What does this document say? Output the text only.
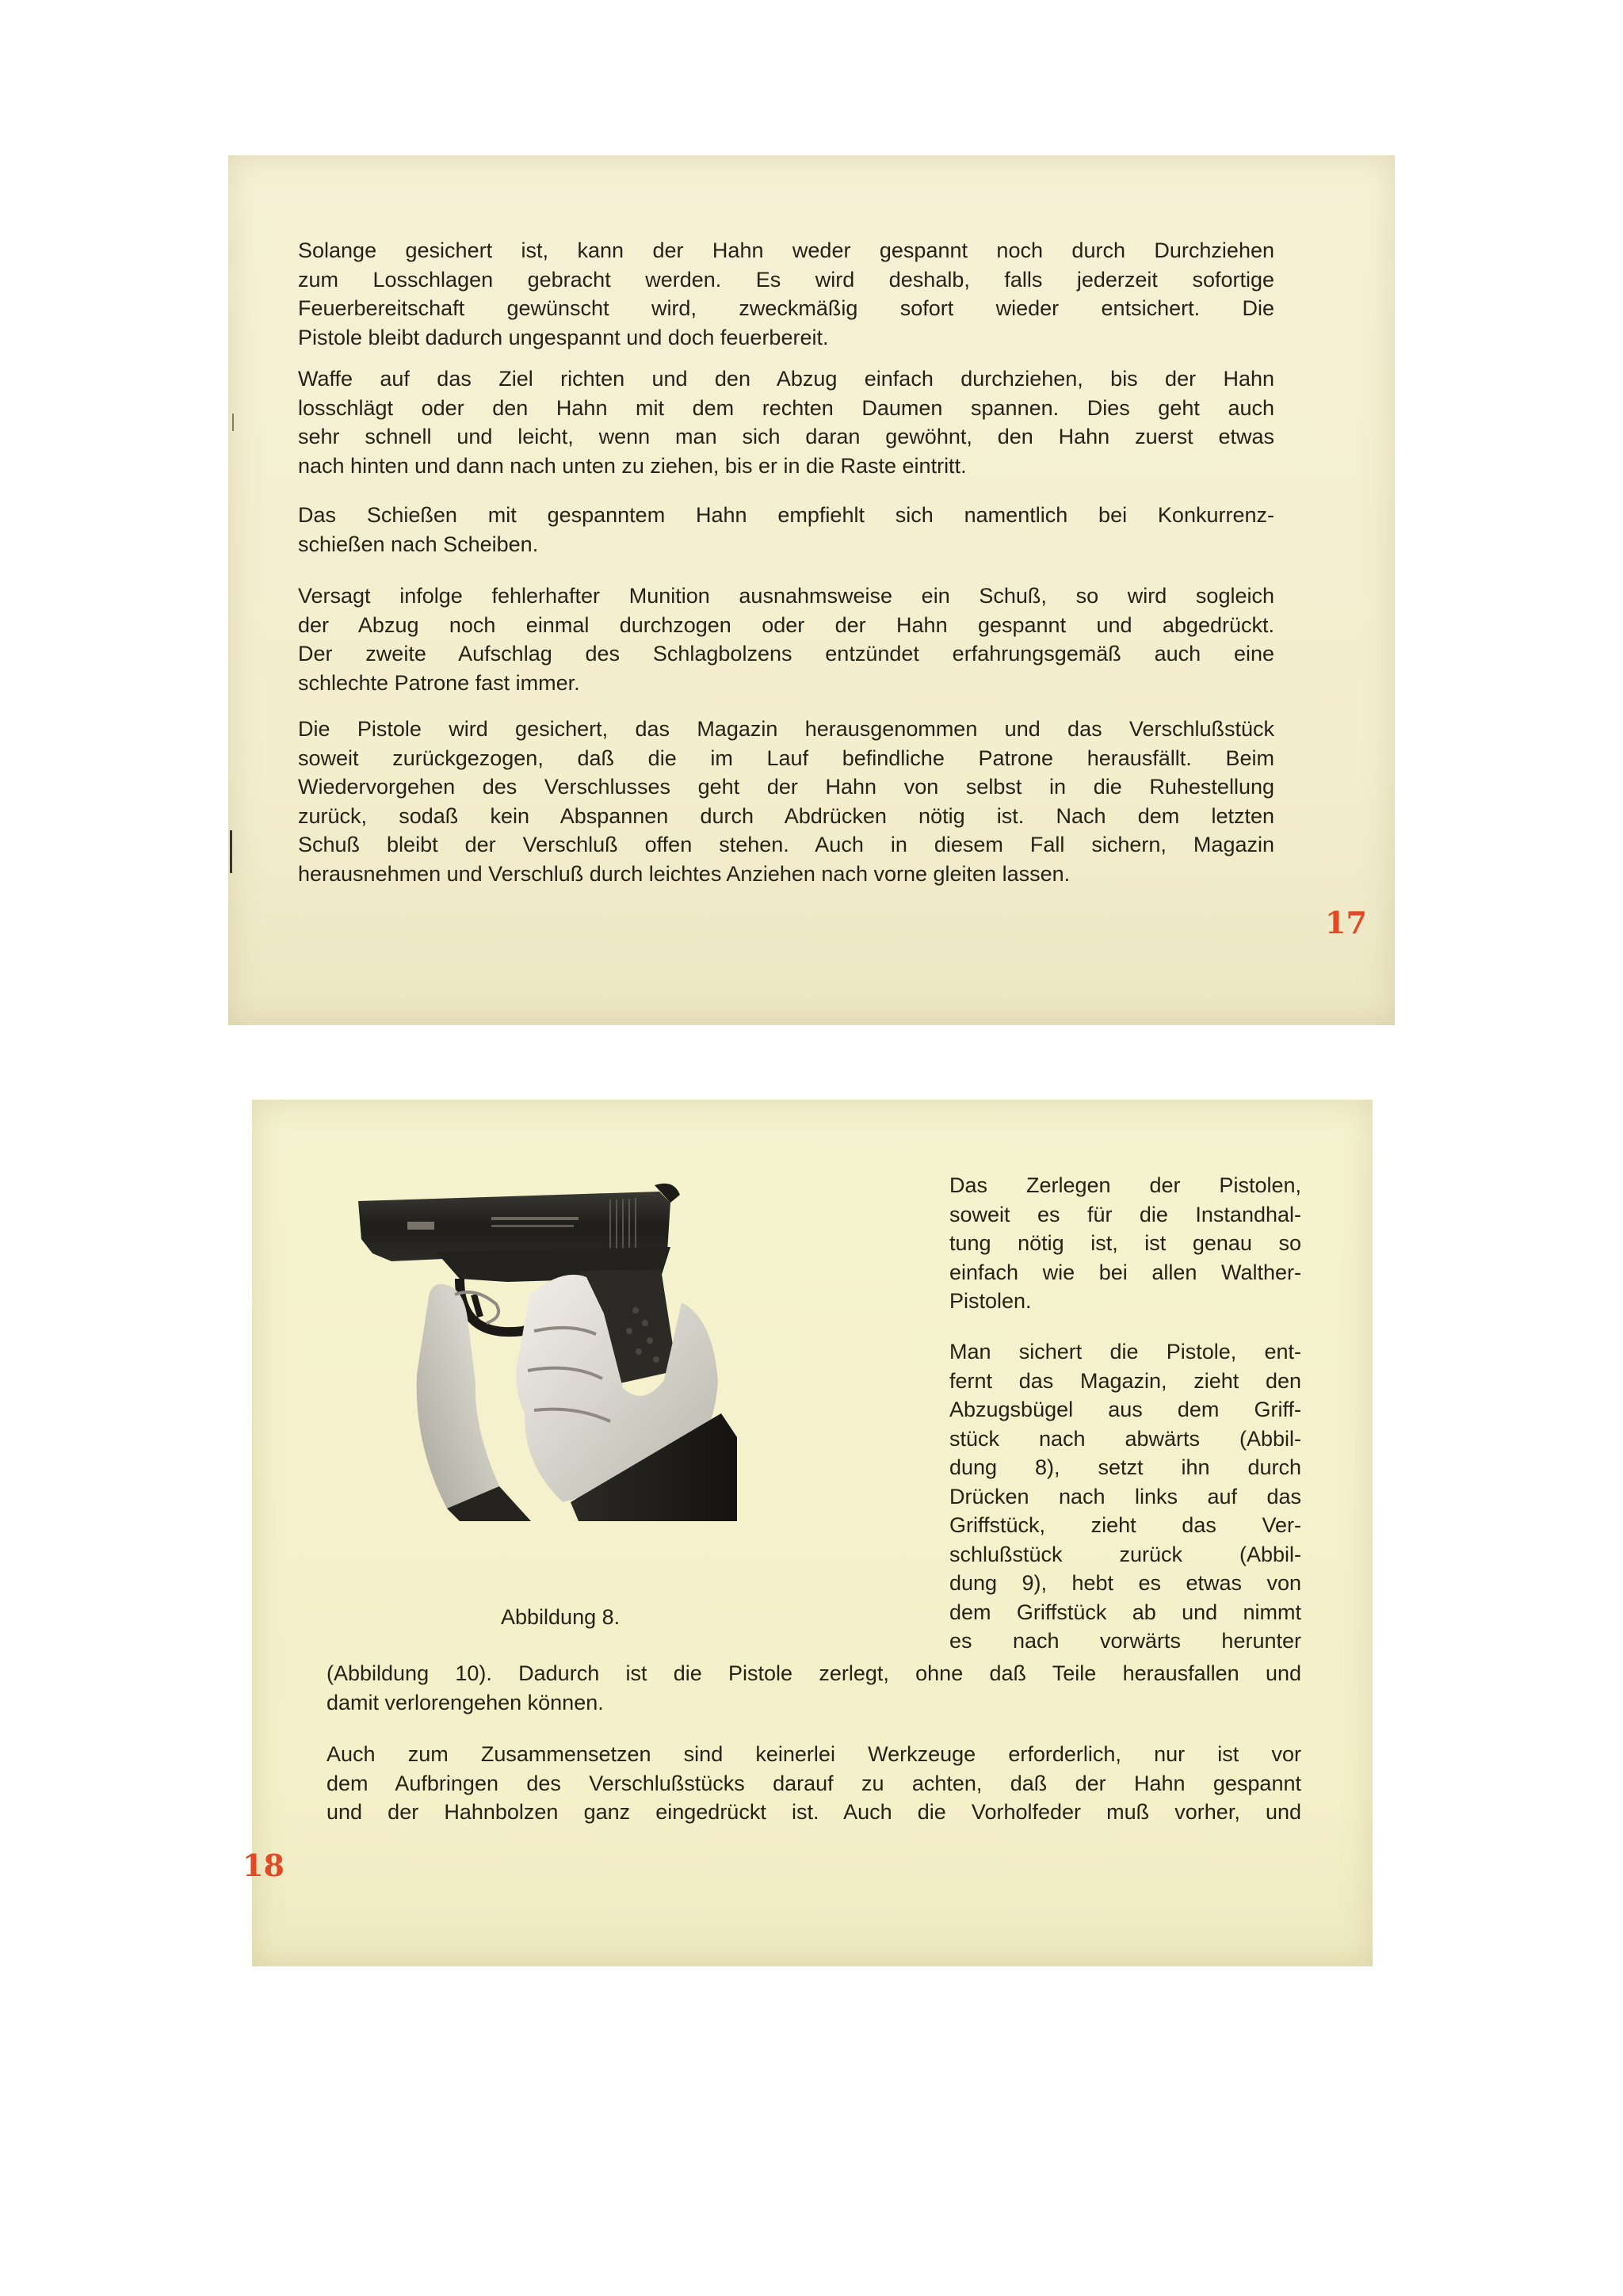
Solange gesichert ist, kann der Hahn weder gespannt noch durch Durchziehen
zum Losschlagen gebracht werden. Es wird deshalb, falls jederzeit sofortige
Feuerbereitschaft gewünscht wird, zweckmäßig sofort wieder entsichert. Die
Pistole bleibt dadurch ungespannt und doch feuerbereit.
Waffe auf das Ziel richten und den Abzug einfach durchziehen, bis der Hahn
losschlägt oder den Hahn mit dem rechten Daumen spannen. Dies geht auch
sehr schnell und leicht, wenn man sich daran gewöhnt, den Hahn zuerst etwas
nach hinten und dann nach unten zu ziehen, bis er in die Raste eintritt.
Das Schießen mit gespanntem Hahn empfiehlt sich namentlich bei Konkurrenz-
schießen nach Scheiben.
Versagt infolge fehlerhafter Munition ausnahmsweise ein Schuß, so wird sogleich
der Abzug noch einmal durchzogen oder der Hahn gespannt und abgedrückt.
Der zweite Aufschlag des Schlagbolzens entzündet erfahrungsgemäß auch eine
schlechte Patrone fast immer.
Die Pistole wird gesichert, das Magazin herausgenommen und das Verschlußstück
soweit zurückgezogen, daß die im Lauf befindliche Patrone herausfällt. Beim
Wiedervorgehen des Verschlusses geht der Hahn von selbst in die Ruhestellung
zurück, sodaß kein Abspannen durch Abdrücken nötig ist. Nach dem letzten
Schuß bleibt der Verschluß offen stehen. Auch in diesem Fall sichern, Magazin
herausnehmen und Verschluß durch leichtes Anziehen nach vorne gleiten lassen.

17

Abbildung 8.

Das Zerlegen der Pistolen,
soweit es für die Instandhal-
tung nötig ist, ist genau so
einfach wie bei allen Walther-
Pistolen.
Man sichert die Pistole, ent-
fernt das Magazin, zieht den
Abzugsbügel aus dem Griff-
stück nach abwärts (Abbil-
dung 8), setzt ihn durch
Drücken nach links auf das
Griffstück, zieht das Ver-
schlußstück zurück (Abbil-
dung 9), hebt es etwas von
dem Griffstück ab und nimmt
es nach vorwärts herunter
(Abbildung 10). Dadurch ist die Pistole zerlegt, ohne daß Teile herausfallen und
damit verlorengehen können.
Auch zum Zusammensetzen sind keinerlei Werkzeuge erforderlich, nur ist vor
dem Aufbringen des Verschlußstücks darauf zu achten, daß der Hahn gespannt
und der Hahnbolzen ganz eingedrückt ist. Auch die Vorholfeder muß vorher, und

18
